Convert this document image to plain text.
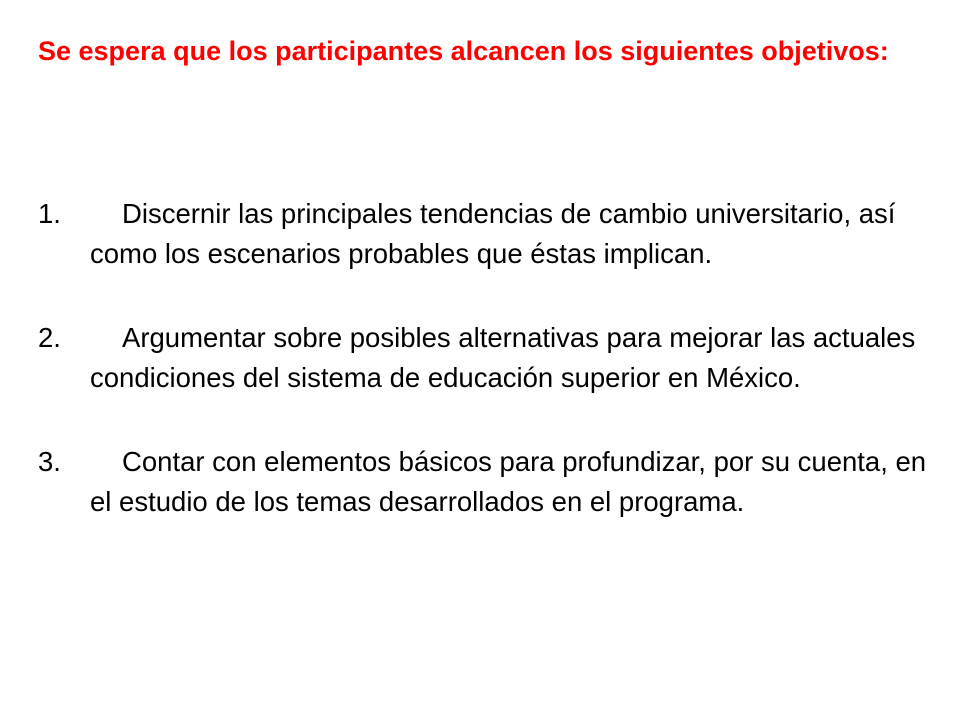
Se espera que los participantes alcancen los siguientes objetivos:
1.	Discernir las principales tendencias de cambio universitario, así como los escenarios probables que éstas implican.
2.	Argumentar sobre posibles alternativas para mejorar las actuales condiciones del sistema de educación superior en México.
3.	Contar con elementos básicos para profundizar, por su cuenta, en el estudio de los temas desarrollados en el programa.
